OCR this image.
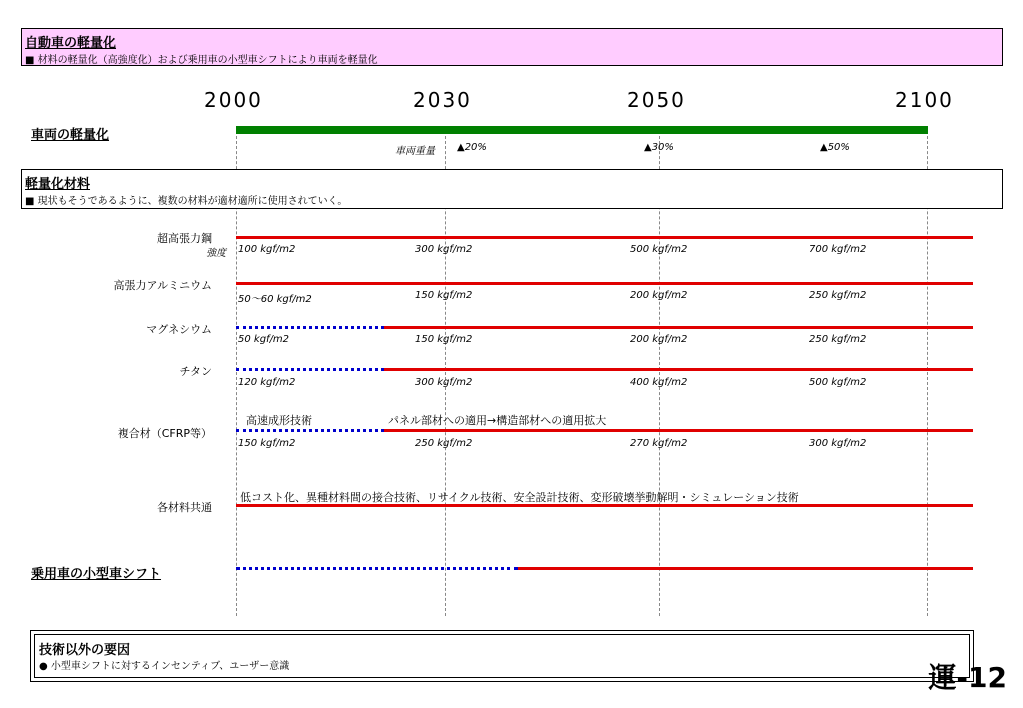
自動車の軽量化
■ 材料の軽量化（高強度化）および乗用車の小型車シフトにより車両を軽量化
2000	2030	2050	2100
車両の軽量化
車両重量 ▲20%	▲30%	▲50%
軽量化材料
■ 現状もそうであるように、複数の材料が適材適所に使用されていく。
超高張力鋼
強度 100 kgf/m2	300 kgf/m2	500 kgf/m2	700 kgf/m2
高張力アルミニウム
50〜60 kgf/m2	150 kgf/m2	200 kgf/m2	250 kgf/m2
マグネシウム
50 kgf/m2	150 kgf/m2	200 kgf/m2	250 kgf/m2
チタン
120 kgf/m2	300 kgf/m2	400 kgf/m2	500 kgf/m2
高速成形技術	パネル部材への適用→構造部材への適用拡大
複合材（CFRP等）
150 kgf/m2	250 kgf/m2	270 kgf/m2	300 kgf/m2
低コスト化、異種材料間の接合技術、リサイクル技術、安全設計技術、変形破壊挙動解明・シミュレーション技術
各材料共通
乗用車の小型車シフト
技術以外の要因
● 小型車シフトに対するインセンティブ、ユーザー意識	運-12
